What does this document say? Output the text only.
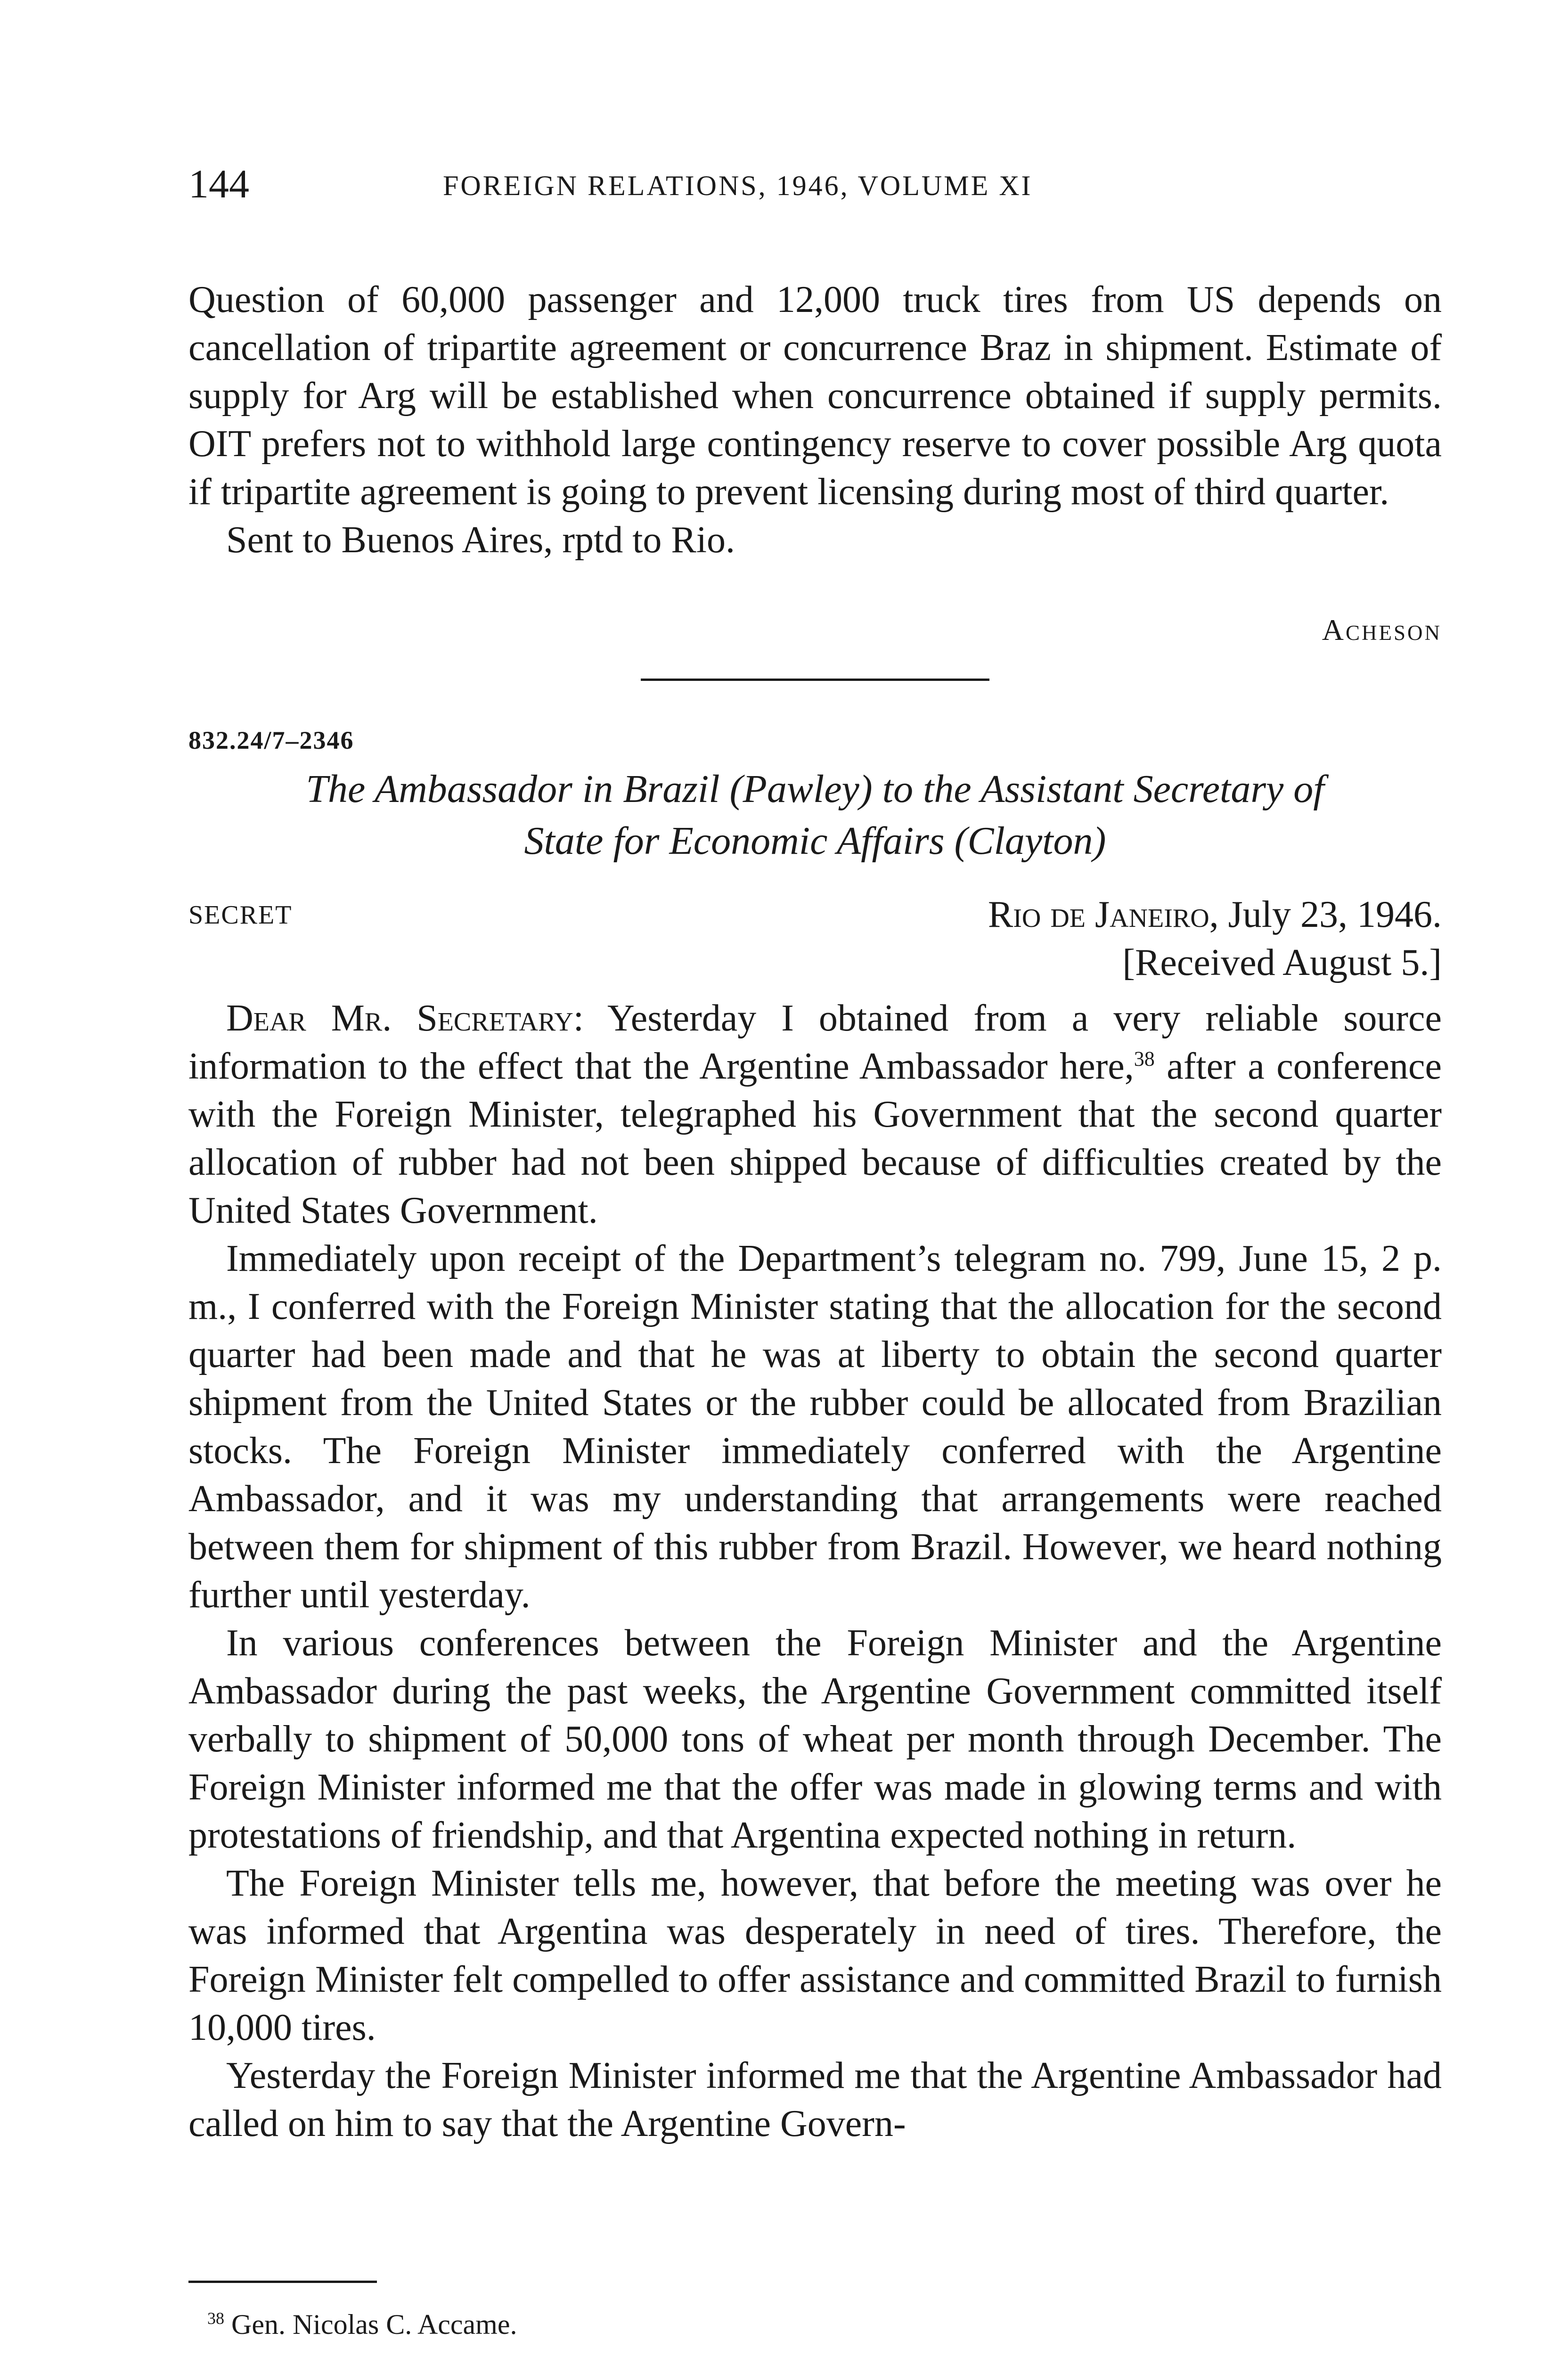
144	FOREIGN RELATIONS, 1946, VOLUME XI

Question of 60,000 passenger and 12,000 truck tires from US depends on cancellation of tripartite agreement or concurrence Braz in shipment. Estimate of supply for Arg will be established when concurrence obtained if supply permits. OIT prefers not to withhold large contingency reserve to cover possible Arg quota if tripartite agreement is going to prevent licensing during most of third quarter.

Sent to Buenos Aires, rptd to Rio.

Acheson
832.24/7–2346
The Ambassador in Brazil (Pawley) to the Assistant Secretary of
State for Economic Affairs (Clayton)
SECRET	Rio de Janeiro, July 23, 1946.
[Received August 5.]

Dear Mr. Secretary: Yesterday I obtained from a very reliable source information to the effect that the Argentine Ambassador here,$^{38}$ after a conference with the Foreign Minister, telegraphed his Government that the second quarter allocation of rubber had not been shipped because of difficulties created by the United States Government.

Immediately upon receipt of the Department’s telegram no. 799, June 15, 2 p. m., I conferred with the Foreign Minister stating that the allocation for the second quarter had been made and that he was at liberty to obtain the second quarter shipment from the United States or the rubber could be allocated from Brazilian stocks. The Foreign Minister immediately conferred with the Argentine Ambassador, and it was my understanding that arrangements were reached between them for shipment of this rubber from Brazil. However, we heard nothing further until yesterday.

In various conferences between the Foreign Minister and the Argentine Ambassador during the past weeks, the Argentine Government committed itself verbally to shipment of 50,000 tons of wheat per month through December. The Foreign Minister informed me that the offer was made in glowing terms and with protestations of friendship, and that Argentina expected nothing in return.

The Foreign Minister tells me, however, that before the meeting was over he was informed that Argentina was desperately in need of tires. Therefore, the Foreign Minister felt compelled to offer assistance and committed Brazil to furnish 10,000 tires.

Yesterday the Foreign Minister informed me that the Argentine Ambassador had called on him to say that the Argentine Govern-

$^{38}$ Gen. Nicolas C. Accame.
